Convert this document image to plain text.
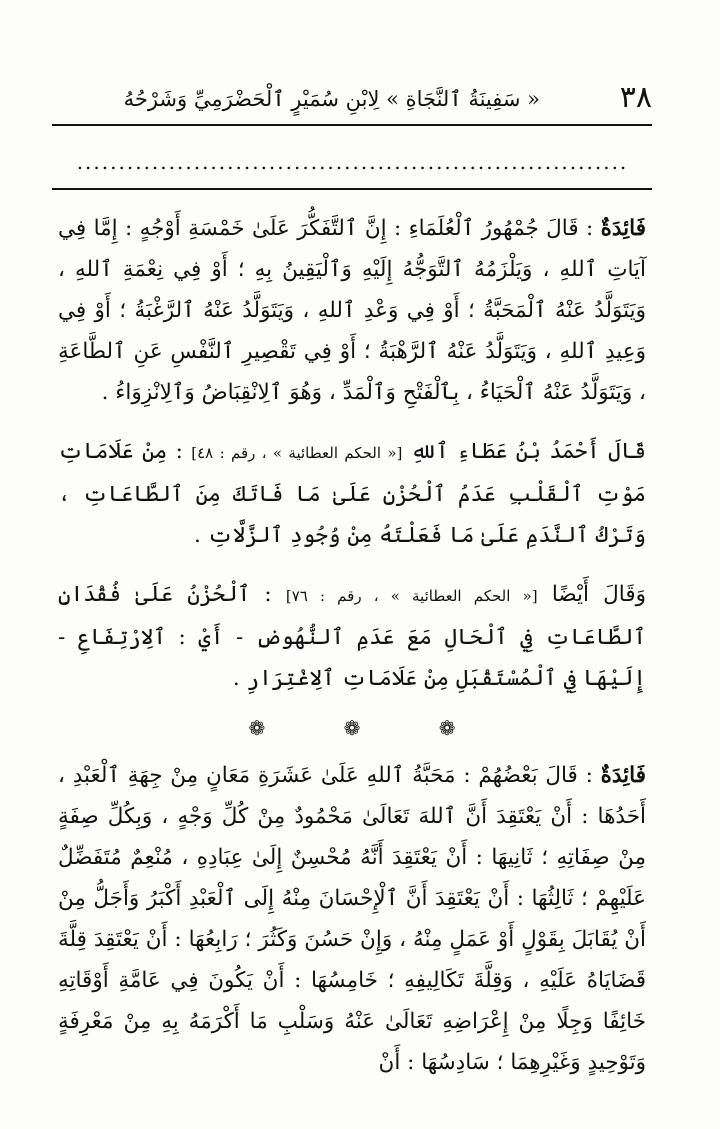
٣٨
« سَفِينَةُ ٱلنَّجَاةِ » لِابْنِ سُمَيْرٍ ٱلْحَضْرَمِيِّ وَشَرْحُهُ
..................................................................

فَائِدَةٌ : قَالَ جُمْهُورُ ٱلْعُلَمَاءِ : إِنَّ ٱلتَّفَكُّرَ عَلَىٰ خَمْسَةِ أَوْجُهٍ : إِمَّا فِي آيَاتِ ٱللهِ ، وَيَلْزَمُهُ ٱلتَّوَجُّهُ إِلَيْهِ وَٱلْيَقِينُ بِهِ ؛ أَوْ فِي نِعْمَةِ ٱللهِ ، وَيَتَوَلَّدُ عَنْهُ ٱلْمَحَبَّةُ ؛ أَوْ فِي وَعْدِ ٱللهِ ، وَيَتَوَلَّدُ عَنْهُ ٱلرَّغْبَةُ ؛ أَوْ فِي وَعِيدِ ٱللهِ ، وَيَتَوَلَّدُ عَنْهُ ٱلرَّهْبَةُ ؛ أَوْ فِي تَقْصِيرِ ٱلنَّفْسِ عَنِ ٱلطَّاعَةِ ، وَيَتَوَلَّدُ عَنْهُ ٱلْحَيَاءُ ، بِٱلْفَتْحِ وَٱلْمَدِّ ، وَهُوَ ٱلِانْقِبَاضُ وَٱلِانْزِوَاءُ .

قَالَ أَحْمَدُ بْنُ عَطَاءِ ٱللهِ [« الحكم العطائية » ، رقم : ٤٨] : مِنْ عَلَامَاتِ مَوْتِ ٱلْقَلْبِ عَدَمُ ٱلْحُزْنِ عَلَىٰ مَا فَاتَكَ مِنَ ٱلطَّاعَاتِ ، وَتَرْكُ ٱلنَّدَمِ عَلَىٰ مَا فَعَلْتَهُ مِنْ وُجُودِ ٱلزَّلَّاتِ .

وَقَالَ أَيْضًا [« الحكم العطائية » ، رقم : ٧٦] : ٱلْحُزْنُ عَلَىٰ فُقْدَانِ ٱلطَّاعَاتِ فِي ٱلْحَالِ مَعَ عَدَمِ ٱلنُّهُوضِ - أَيْ : ٱلِارْتِفَاعِ - إِلَيْهَا فِي ٱلْمُسْتَقْبَلِ مِنْ عَلَامَاتِ ٱلِاغْتِرَارِ .

❁	❁	❁

فَائِدَةٌ : قَالَ بَعْضُهُمْ : مَحَبَّةُ ٱللهِ عَلَىٰ عَشَرَةِ مَعَانٍ مِنْ جِهَةِ ٱلْعَبْدِ ، أَحَدُهَا : أَنْ يَعْتَقِدَ أَنَّ ٱللهَ تَعَالَىٰ مَحْمُودٌ مِنْ كُلِّ وَجْهٍ ، وَبِكُلِّ صِفَةٍ مِنْ صِفَاتِهِ ؛ ثَانِيهَا : أَنْ يَعْتَقِدَ أَنَّهُ مُحْسِنٌ إِلَىٰ عِبَادِهِ ، مُنْعِمٌ مُتَفَضِّلٌ عَلَيْهِمْ ؛ ثَالِثُهَا : أَنْ يَعْتَقِدَ أَنَّ ٱلْإِحْسَانَ مِنْهُ إِلَى ٱلْعَبْدِ أَكْبَرُ وَأَجَلُّ مِنْ أَنْ يُقَابَلَ بِقَوْلٍ أَوْ عَمَلٍ مِنْهُ ، وَإِنْ حَسُنَ وَكَثُرَ ؛ رَابِعُهَا : أَنْ يَعْتَقِدَ قِلَّةَ قَضَايَاهُ عَلَيْهِ ، وَقِلَّةَ تَكَالِيفِهِ ؛ خَامِسُهَا : أَنْ يَكُونَ فِي عَامَّةِ أَوْقَاتِهِ خَائِفًا وَجِلًا مِنْ إِعْرَاضِهِ تَعَالَىٰ عَنْهُ وَسَلْبِ مَا أَكْرَمَهُ بِهِ مِنْ مَعْرِفَةٍ وَتَوْحِيدٍ وَغَيْرِهِمَا ؛ سَادِسُهَا : أَنْ
